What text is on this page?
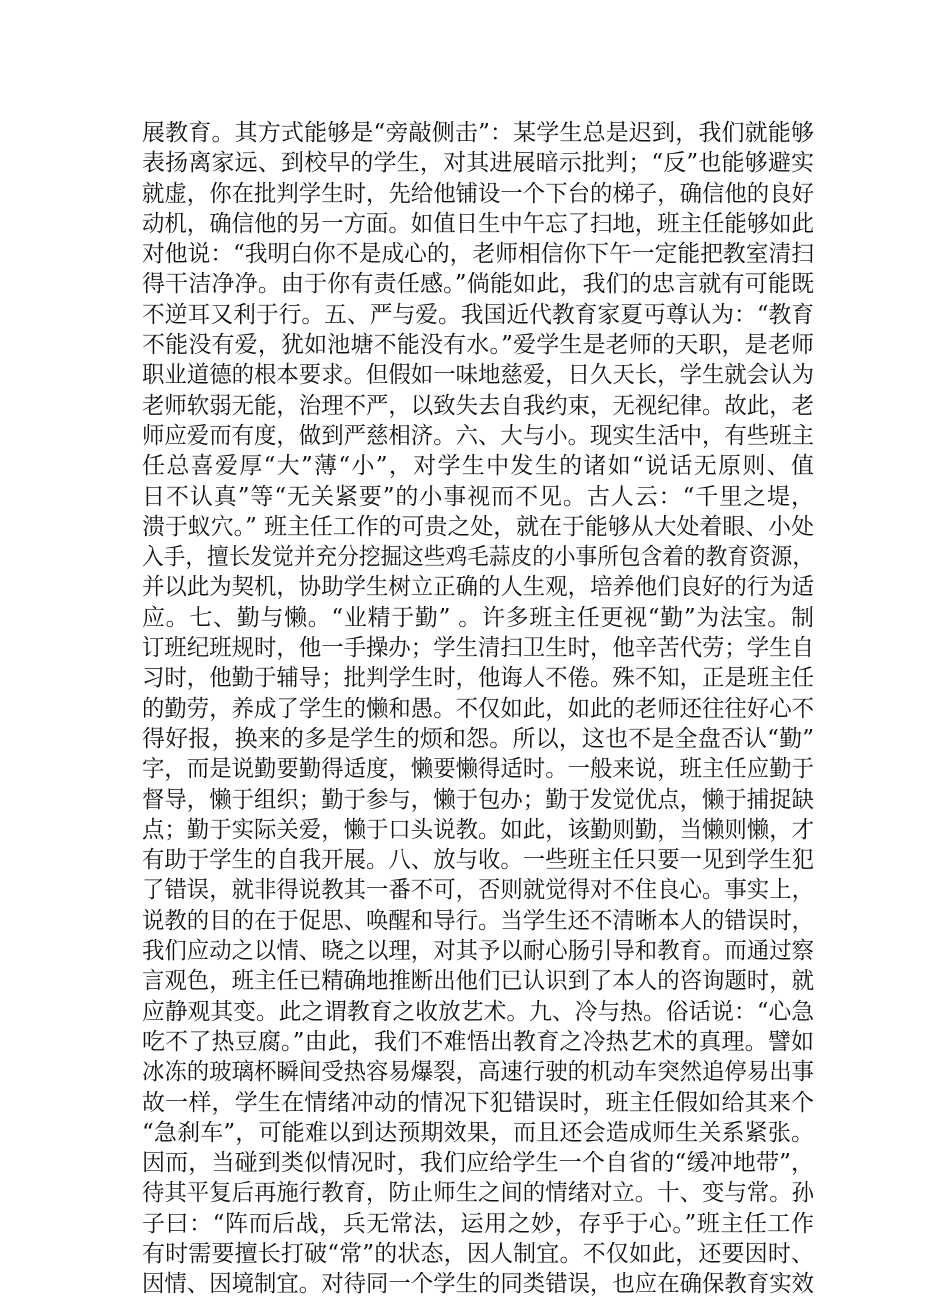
展教育。其方式能够是“旁敲侧击”：某学生总是迟到，我们就能够
表扬离家远、到校早的学生，对其进展暗示批判；“反”也能够避实
就虚，你在批判学生时，先给他铺设一个下台的梯子，确信他的良好
动机，确信他的另一方面。如值日生中午忘了扫地，班主任能够如此
对他说：“我明白你不是成心的，老师相信你下午一定能把教室清扫
得干洁净净。由于你有责任感。”倘能如此，我们的忠言就有可能既
不逆耳又利于行。五、严与爱。我国近代教育家夏丏尊认为：“教育
不能没有爱，犹如池塘不能没有水。”爱学生是老师的天职，是老师
职业道德的根本要求。但假如一味地慈爱，日久天长，学生就会认为
老师软弱无能，治理不严，以致失去自我约束，无视纪律。故此，老
师应爱而有度，做到严慈相济。六、大与小。现实生活中，有些班主
任总喜爱厚“大”薄“小”，对学生中发生的诸如“说话无原则、值
日不认真”等“无关紧要”的小事视而不见。古人云：“千里之堤，
溃于蚁穴。” 班主任工作的可贵之处，就在于能够从大处着眼、小处
入手，擅长发觉并充分挖掘这些鸡毛蒜皮的小事所包含着的教育资源，
并以此为契机，协助学生树立正确的人生观，培养他们良好的行为适
应。七、勤与懒。“业精于勤” 。许多班主任更视“勤”为法宝。制
订班纪班规时，他一手操办；学生清扫卫生时，他辛苦代劳；学生自
习时，他勤于辅导；批判学生时，他诲人不倦。殊不知，正是班主任
的勤劳，养成了学生的懒和愚。不仅如此，如此的老师还往往好心不
得好报，换来的多是学生的烦和怨。所以，这也不是全盘否认“勤”
字，而是说勤要勤得适度，懒要懒得适时。一般来说，班主任应勤于
督导，懒于组织；勤于参与，懒于包办；勤于发觉优点，懒于捕捉缺
点；勤于实际关爱，懒于口头说教。如此，该勤则勤，当懒则懒，才
有助于学生的自我开展。八、放与收。一些班主任只要一见到学生犯
了错误，就非得说教其一番不可，否则就觉得对不住良心。事实上，
说教的目的在于促思、唤醒和导行。当学生还不清晰本人的错误时，
我们应动之以情、晓之以理，对其予以耐心肠引导和教育。而通过察
言观色，班主任已精确地推断出他们已认识到了本人的咨询题时，就
应静观其变。此之谓教育之收放艺术。九、冷与热。俗话说：“心急
吃不了热豆腐。”由此，我们不难悟出教育之冷热艺术的真理。譬如
冰冻的玻璃杯瞬间受热容易爆裂，高速行驶的机动车突然追停易出事
故一样，学生在情绪冲动的情况下犯错误时，班主任假如给其来个
“急刹车”，可能难以到达预期效果，而且还会造成师生关系紧张。
因而，当碰到类似情况时，我们应给学生一个自省的“缓冲地带”，
待其平复后再施行教育，防止师生之间的情绪对立。十、变与常。孙
子曰：“阵而后战，兵无常法，运用之妙，存乎于心。”班主任工作
有时需要擅长打破“常”的状态，因人制宜。不仅如此，还要因时、
因情、因境制宜。对待同一个学生的同类错误，也应在确保教育实效
